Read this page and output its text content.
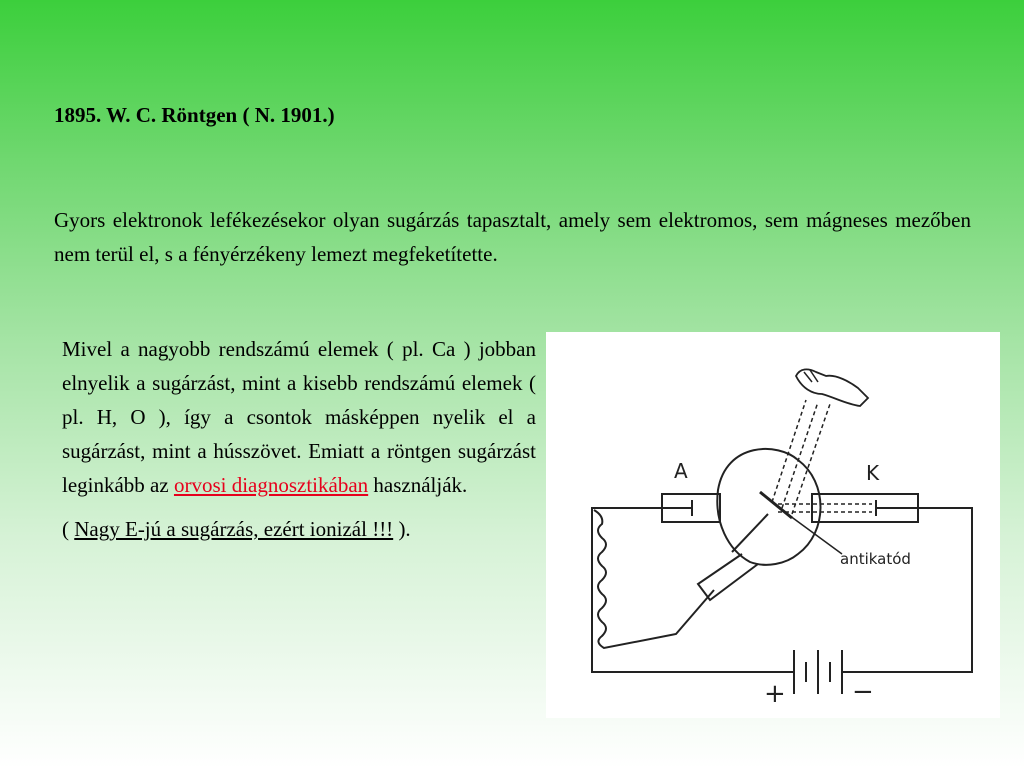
1895. W. C. Röntgen ( N. 1901.)

Gyors elektronok lefékezésekor olyan sugárzás tapasztalt, amely sem elektromos, sem mágneses mezőben nem terül el, s a fényérzékeny lemezt megfeketítette.

Mivel a nagyobb rendszámú elemek ( pl. Ca ) jobban elnyelik a sugárzást, mint a kisebb rendszámú elemek ( pl. H, O ), így a csontok másképpen nyelik el a sugárzást, mint a hússzövet. Emiatt a röntgen sugárzást leginkább az orvosi diagnosztikában használják.

( Nagy E-jú a sugárzás, ezért ionizál !!! ).

A	K
antikatód
+	−
